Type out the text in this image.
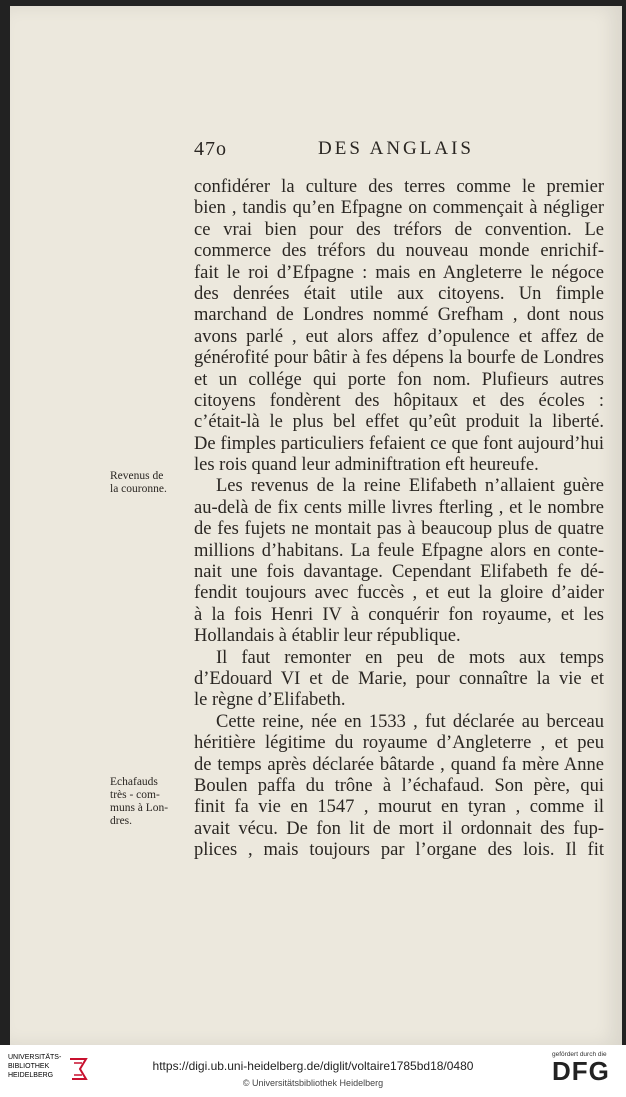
47o	DES ANGLAIS
Revenus de
la couronne.
Echafauds
très - com-
muns à Lon-
dres.
confidérer la culture des terres comme le premier
bien , tandis qu’en Efpagne on commençait à négliger
ce vrai bien pour des tréfors de convention. Le
commerce des tréfors du nouveau monde enrichif-
fait le roi d’Efpagne : mais en Angleterre le négoce
des denrées était utile aux citoyens. Un fimple
marchand de Londres nommé Grefham , dont nous
avons parlé , eut alors affez d’opulence et affez de
générofité pour bâtir à fes dépens la bourfe de Londres
et un collége qui porte fon nom. Plufieurs autres
citoyens fondèrent des hôpitaux et des écoles :
c’était-là le plus bel effet qu’eût produit la liberté.
De fimples particuliers fefaient ce que font aujourd’hui
les rois quand leur adminiftration eft heureufe.
Les revenus de la reine Elifabeth n’allaient guère
au-delà de fix cents mille livres fterling , et le nombre
de fes fujets ne montait pas à beaucoup plus de quatre
millions d’habitans. La feule Efpagne alors en conte-
nait une fois davantage. Cependant Elifabeth fe dé-
fendit toujours avec fuccès , et eut la gloire d’aider
à la fois Henri IV à conquérir fon royaume, et les
Hollandais à établir leur république.
Il faut remonter en peu de mots aux temps
d’Edouard VI et de Marie, pour connaître la vie et
le règne d’Elifabeth.
Cette reine, née en 1533 , fut déclarée au berceau
héritière légitime du royaume d’Angleterre , et peu
de temps après déclarée bâtarde , quand fa mère Anne
Boulen paffa du trône à l’échafaud. Son père, qui
finit fa vie en 1547 , mourut en tyran , comme il
avait vécu. De fon lit de mort il ordonnait des fup-
plices , mais toujours par l’organe des lois. Il fit
UNIVERSITÄTS-
BIBLIOTHEK
HEIDELBERG
https://digi.ub.uni-heidelberg.de/diglit/voltaire1785bd18/0480
© Universitätsbibliothek Heidelberg
gefördert durch die
DFG
